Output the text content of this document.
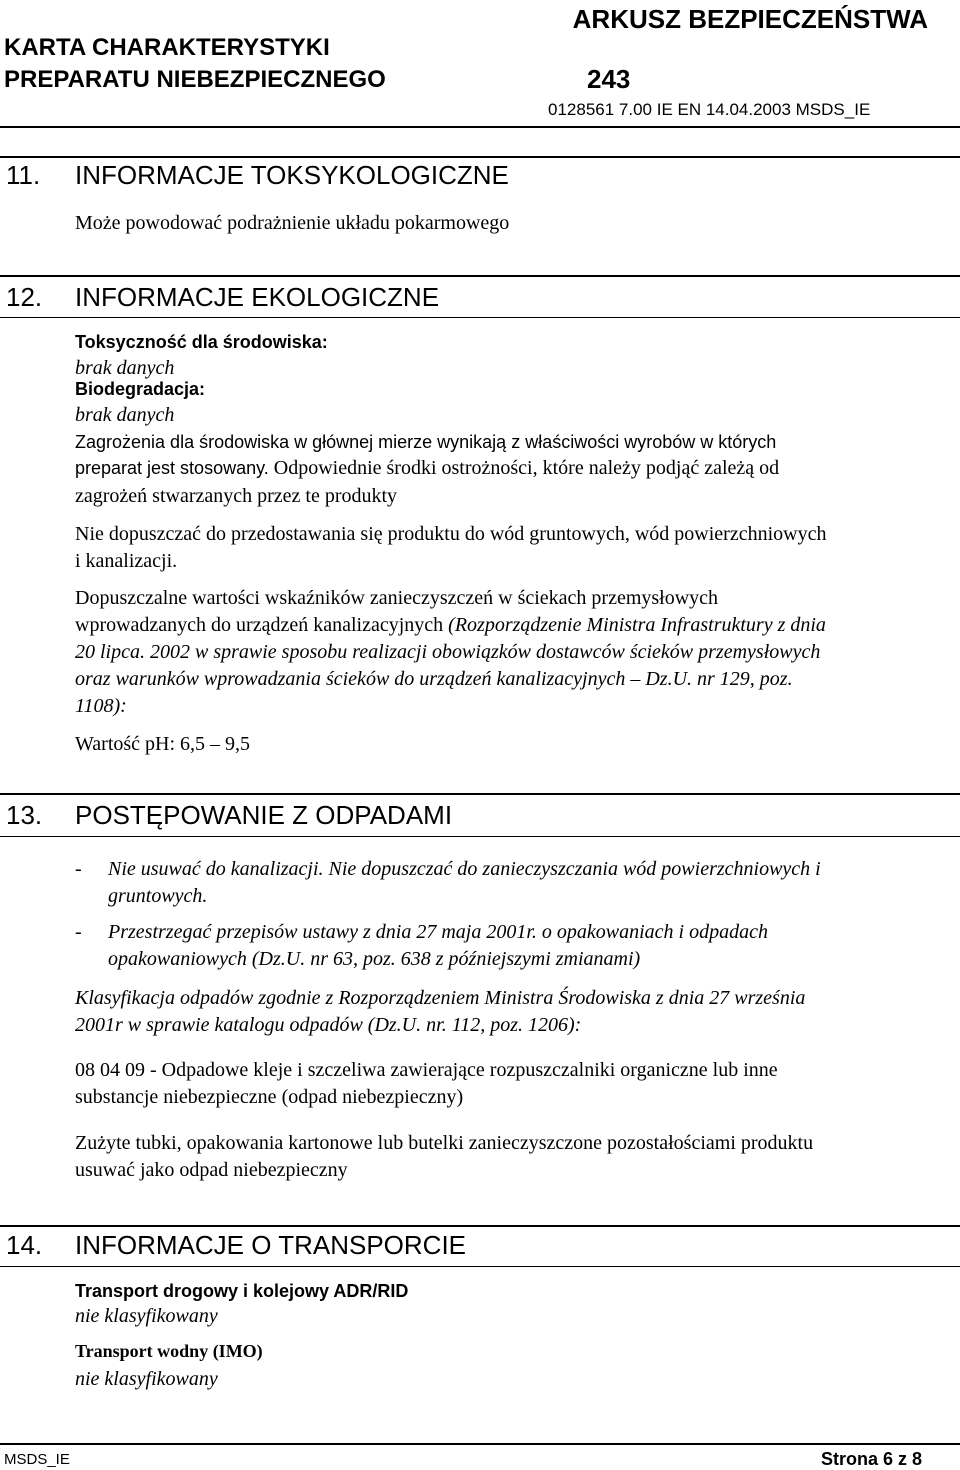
KARTA CHARAKTERYSTYKI
PREPARATU NIEBEZPIECZNEGO
ARKUSZ BEZPIECZEŃSTWA
243
0128561 7.00 IE EN 14.04.2003 MSDS_IE
11. INFORMACJE TOKSYKOLOGICZNE
Może powodować podrażnienie układu pokarmowego
12. INFORMACJE EKOLOGICZNE
Toksyczność dla środowiska:
brak danych
Biodegradacja:
brak danych
Zagrożenia dla środowiska w głównej mierze wynikają z właściwości wyrobów w których
preparat jest stosowany. Odpowiednie środki ostrożności, które należy podjąć zależą od
zagrożeń stwarzanych przez te produkty
Nie dopuszczać do przedostawania się produktu do wód gruntowych, wód powierzchniowych
i kanalizacji.
Dopuszczalne wartości wskaźników zanieczyszczeń w ściekach przemysłowych
wprowadzanych do urządzeń kanalizacyjnych (Rozporządzenie Ministra Infrastruktury z dnia
20 lipca. 2002 w sprawie sposobu realizacji obowiązków dostawców ścieków przemysłowych
oraz warunków wprowadzania ścieków do urządzeń kanalizacyjnych – Dz.U. nr 129, poz.
1108):
Wartość pH: 6,5 – 9,5
13. POSTĘPOWANIE Z ODPADAMI
- Nie usuwać do kanalizacji. Nie dopuszczać do zanieczyszczania wód powierzchniowych i
gruntowych.
- Przestrzegać przepisów ustawy z dnia 27 maja 2001r. o opakowaniach i odpadach
opakowaniowych (Dz.U. nr 63, poz. 638 z późniejszymi zmianami)
Klasyfikacja odpadów zgodnie z Rozporządzeniem Ministra Środowiska z dnia 27 września
2001r w sprawie katalogu odpadów (Dz.U. nr. 112, poz. 1206):
08 04 09 - Odpadowe kleje i szczeliwa zawierające rozpuszczalniki organiczne lub inne
substancje niebezpieczne (odpad niebezpieczny)
Zużyte tubki, opakowania kartonowe lub butelki zanieczyszczone pozostałościami produktu
usuwać jako odpad niebezpieczny
14. INFORMACJE O TRANSPORCIE
Transport drogowy i kolejowy ADR/RID
nie klasyfikowany
Transport wodny (IMO)
nie klasyfikowany
MSDS_IE	Strona 6 z 8
